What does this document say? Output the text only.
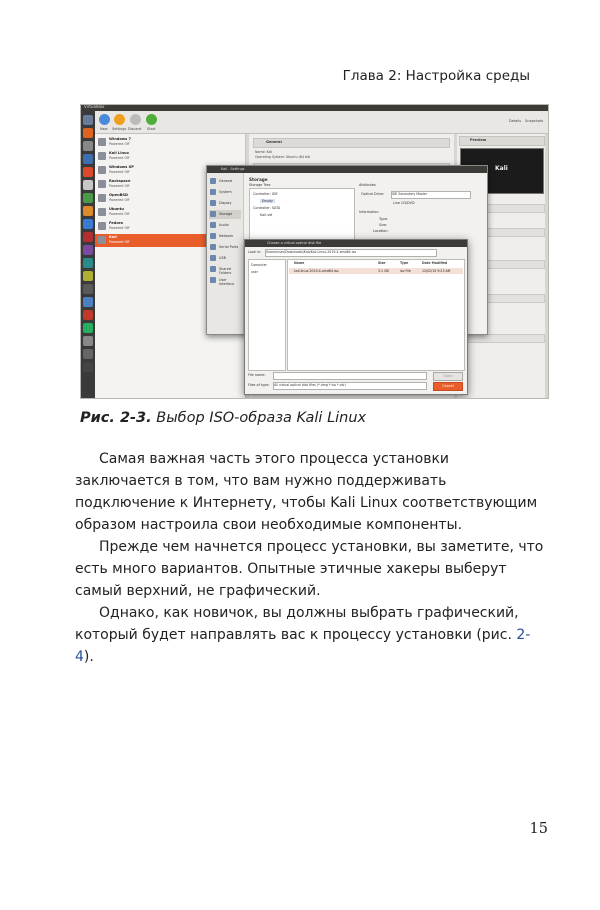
Глава 2: Настройка среды
VirtualBox
New Settings Discard Start
Details Snapshots
Windows 7
Powered Off
Kali Linux
Powered Off
Windows XP
Powered Off
Rackspace
Powered Off
OpenBSD
Powered Off
Ubuntu
Powered Off
Fedora
Powered Off
Kali
Powered Off
General
Name: Kali
Operating System: Ubuntu (64 bit)
Preview
Kali
Kali - Settings
General
System
Display
Storage
Audio
Network
Serial Ports
USB
Shared Folders
User Interface
Storage
Storage Tree
Controller: IDE
Empty
Controller: SATA
Kali.vdi
Attributes
Optical Drive:	IDE Secondary Master
Live CD/DVD
Information
Type:
Size:
Location:
Choose a virtual optical disk file
Look in:	/home/user/Downloads/Kali/Kali-Linux-2019.4-amd64.iso
Computer
user
Name	Size	Type	Date Modified
kali-linux-2019.4-amd64.iso	3.1 GB	iso File	12/02/19 9:23 AM
File name:	Open
Files of type:	All virtual optical disk files (*.dmg *.iso *.cdr)	Cancel
Рис. 2-3. Выбор ISO-образа Kali Linux

Самая важная часть этого процесса установки заключается в том, что вам нужно поддерживать подключение к Интернету, чтобы Kali Linux соответствующим образом настроила свои необходимые компоненты.

Прежде чем начнется процесс установки, вы заметите, что есть много вариантов. Опытные этичные хакеры выберут самый верхний, не графический.

Однако, как новичок, вы должны выбрать графический, который будет направлять вас к процессу установки (рис. 2-4).

15
